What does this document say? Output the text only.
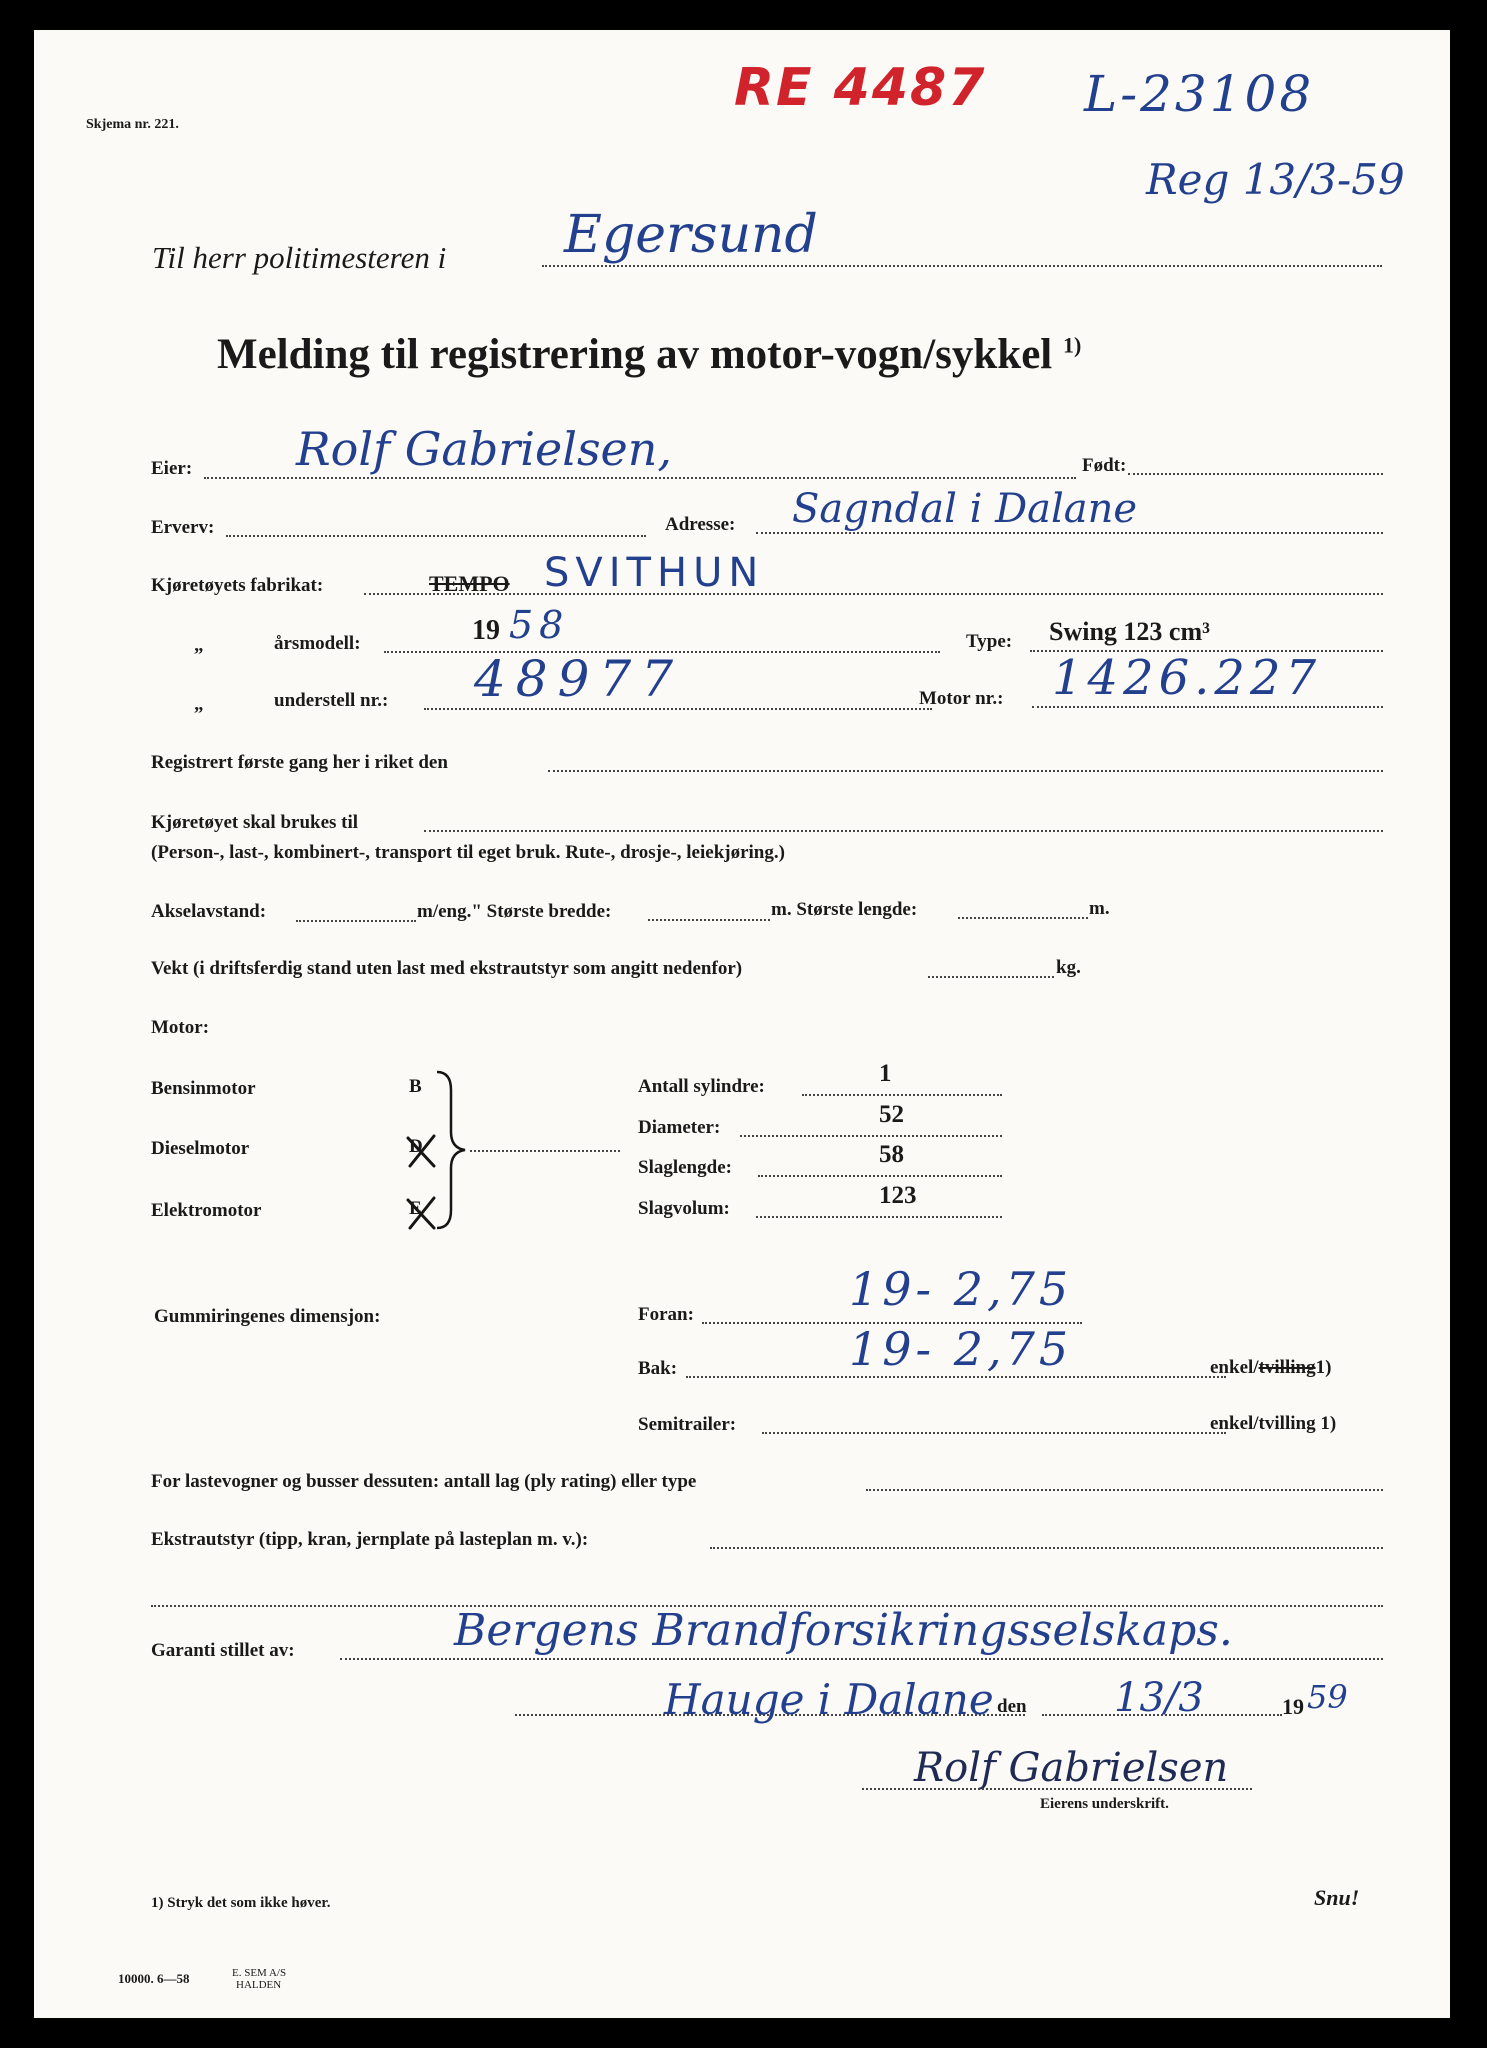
Skjema nr. 221.
RE 4487 L-23108
Reg 13/3-59
Til herr politimesteren i Egersund
Melding til registrering av motor-vogn/sykkel $^{1)}$
Eier: Rolf Gabrielsen,	Født:
Erverv:	Adresse: Sagndal i Dalane
Kjøretøyets fabrikat:	TEMPO SVITHUN
„	årsmodell:	19 58	Type: Swing 123 cm³
„	understell nr.: 48977	Motor nr.: 1426.227
Registrert første gang her i riket den
Kjøretøyet skal brukes til
(Person-, last-, kombinert-, transport til eget bruk. Rute-, drosje-, leiekjøring.)
Akselavstand:	m/eng." Største bredde:	m. Største lengde:	m.
Vekt (i driftsferdig stand uten last med ekstrautstyr som angitt nedenfor)	kg.
Motor:
Bensinmotor	B
Dieselmotor	D
Elektromotor	E
Antall sylindre:	1
Diameter:	52
Slaglengde:	58
Slagvolum:	123
Gummiringenes dimensjon:	Foran:	19- 2,75
Bak:	19- 2,75	enkel/tvilling1)
Semitrailer:	enkel/tvilling 1)
For lastevogner og busser dessuten: antall lag (ply rating) eller type
Ekstrautstyr (tipp, kran, jernplate på lasteplan m. v.):
Garanti stillet av:	Bergens Brandforsikringsselskaps.
Hauge i Dalane den 13/3	19 59
Rolf Gabrielsen
Eierens underskrift.
1) Stryk det som ikke høver.	Snu!
10000. 6—58	E. SEM A/S
HALDEN
